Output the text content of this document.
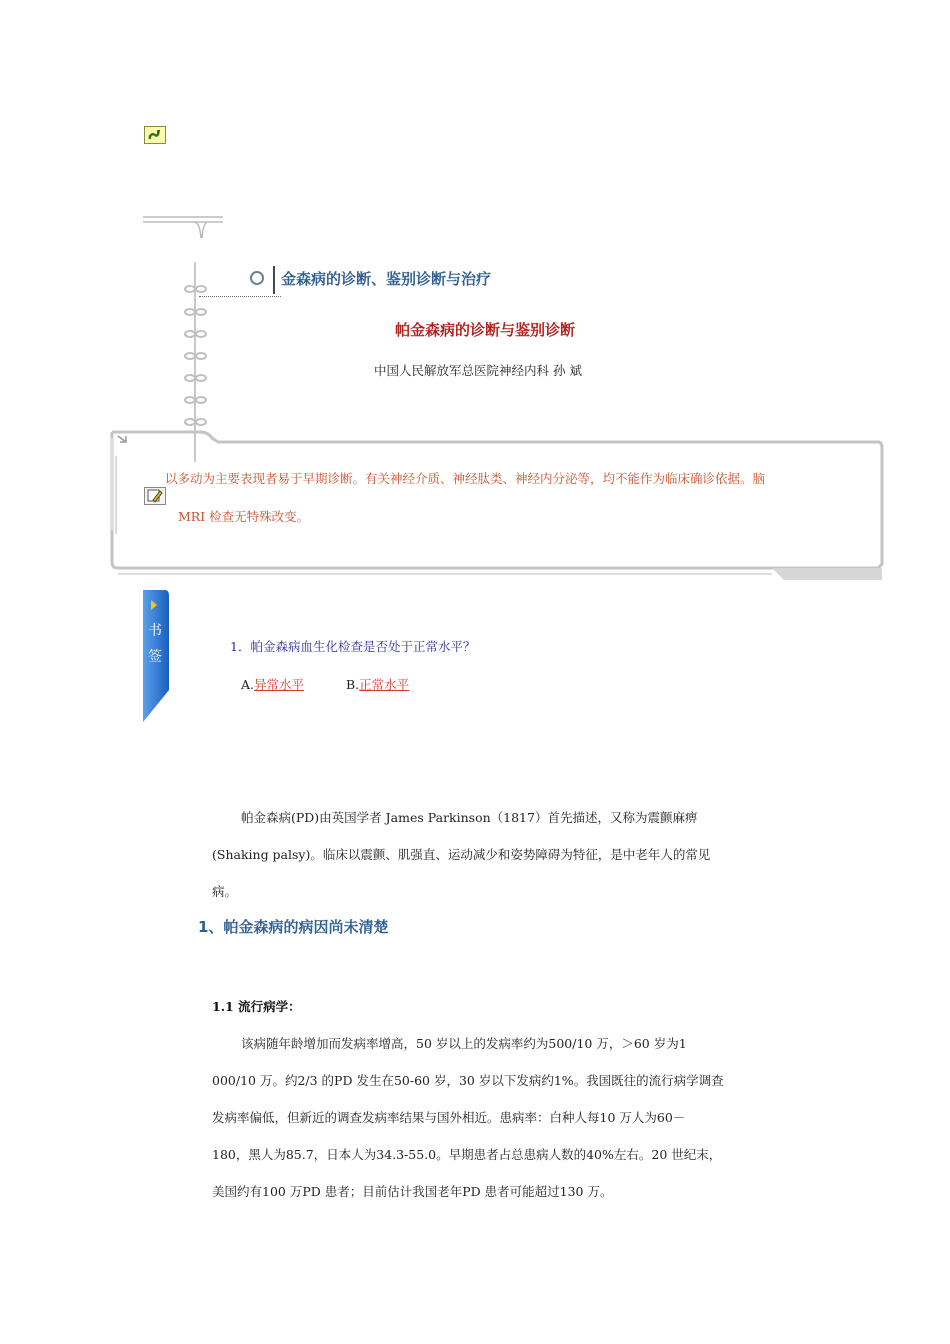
金森病的诊断、鉴别诊断与治疗
帕金森病的诊断与鉴别诊断
中国人民解放军总医院神经内科 孙 斌
以多动为主要表现者易于早期诊断。有关神经介质、神经肽类、神经内分泌等，均不能作为临床确诊依据。脑
MRI 检查无特殊改变。
书
签
1．帕金森病血生化检查是否处于正常水平？
A.异常水平	B.正常水平
帕金森病(PD)由英国学者 James Parkinson（1817）首先描述，又称为震颤麻痹
(Shaking palsy)。临床以震颤、肌强直、运动减少和姿势障碍为特征，是中老年人的常见
病。
1、帕金森病的病因尚未清楚
1.1 流行病学：
该病随年龄增加而发病率增高，50 岁以上的发病率约为500/10 万，＞60 岁为1
000/10 万。约2/3 的PD 发生在50-60 岁，30 岁以下发病约1%。我国既往的流行病学调查
发病率偏低，但新近的调查发病率结果与国外相近。患病率：白种人每10 万人为60－
180，黑人为85.7，日本人为34.3-55.0。早期患者占总患病人数的40%左右。20 世纪末，
美国约有100 万PD 患者；目前估计我国老年PD 患者可能超过130 万。
